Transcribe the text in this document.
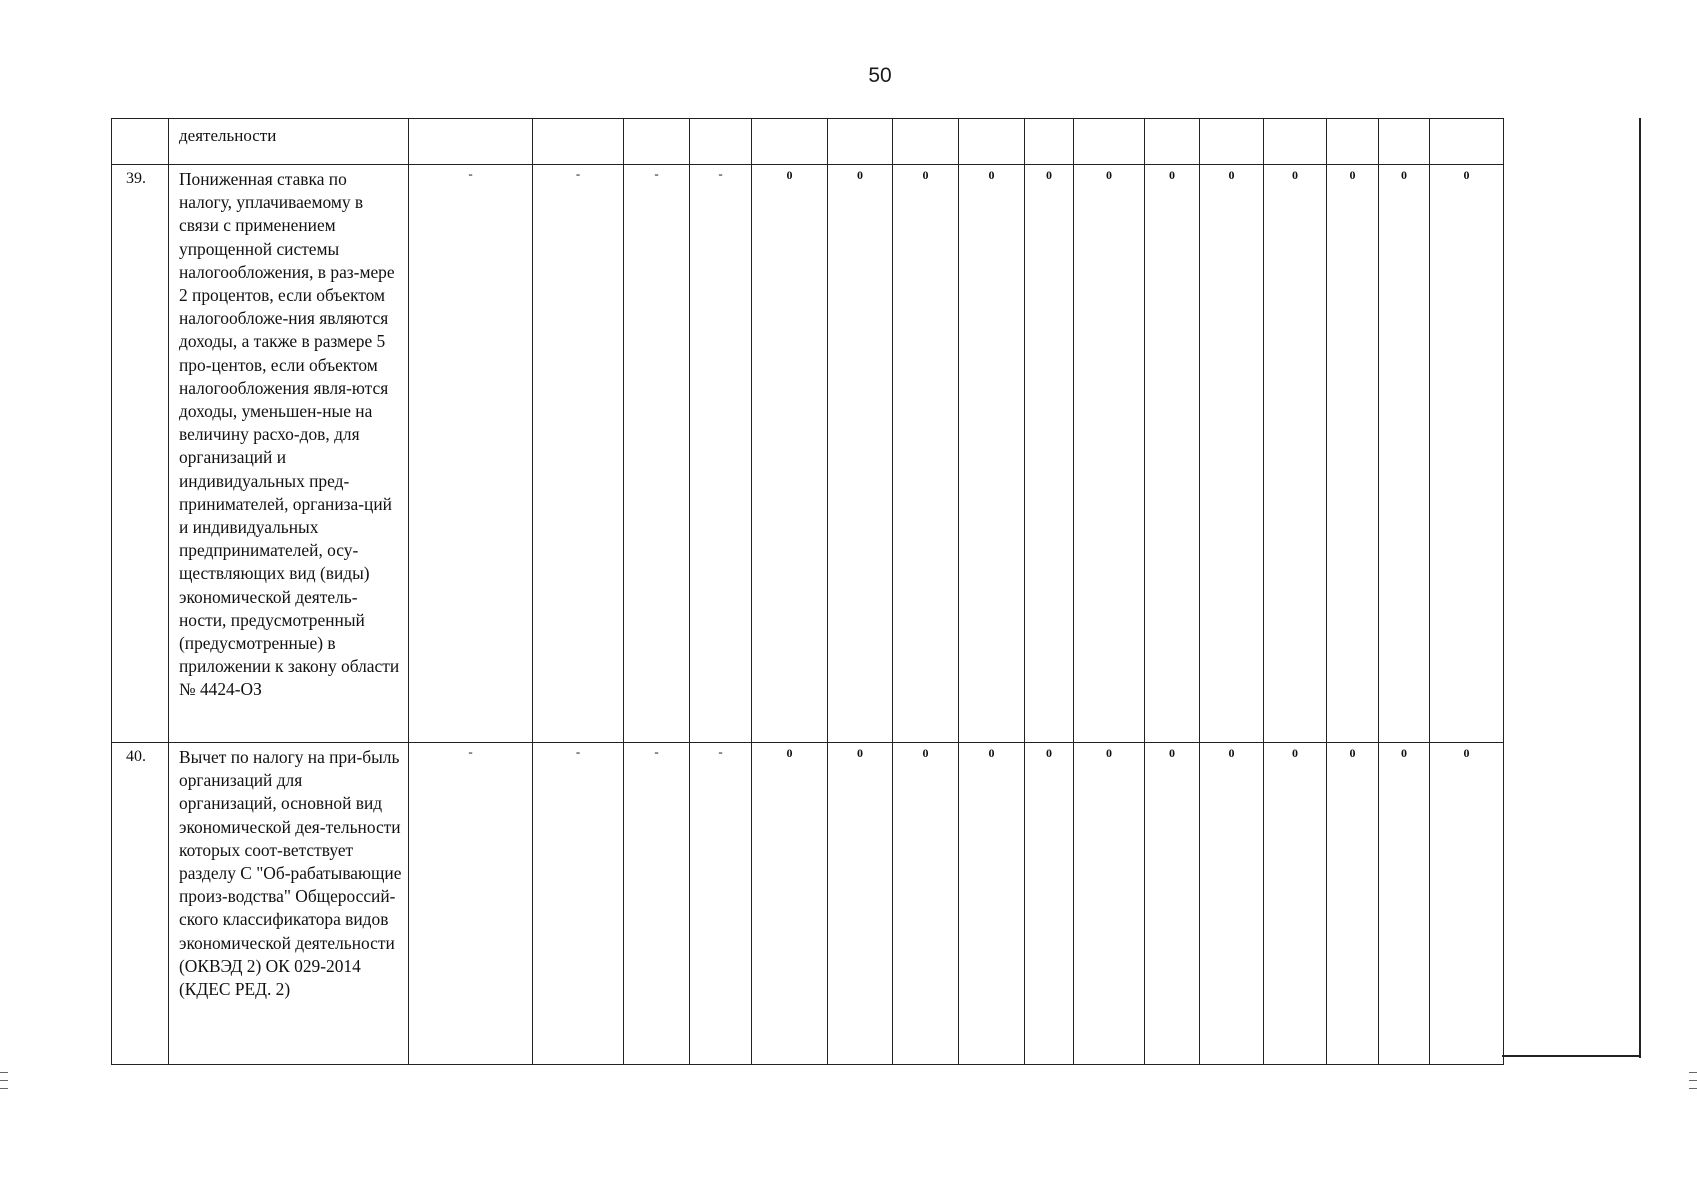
50
	деятельности																
39.	Пониженная ставка по налогу, уплачиваемому в связи с применением упрощенной системы налогообложения, в раз-мере 2 процентов, если объектом налогообложе-ния являются доходы, а также в размере 5 про-центов, если объектом налогообложения явля-ются доходы, уменьшен-ные на величину расхо-дов, для организаций и индивидуальных пред-принимателей, организа-ций и индивидуальных предпринимателей, осу-ществляющих вид (виды) экономической деятель-ности, предусмотренный (предусмотренные) в приложении к закону области № 4424-ОЗ	-	-	-	-	0	0	0	0	0	0	0	0	0	0	0	0
40.	Вычет по налогу на при-быль организаций для организаций, основной вид экономической дея-тельности которых соот-ветствует разделу С "Об-рабатывающие произ-водства" Общероссий-ского классификатора видов экономической деятельности (ОКВЭД 2) ОК 029-2014 (КДЕС РЕД. 2)	-	-	-	-	0	0	0	0	0	0	0	0	0	0	0	0
